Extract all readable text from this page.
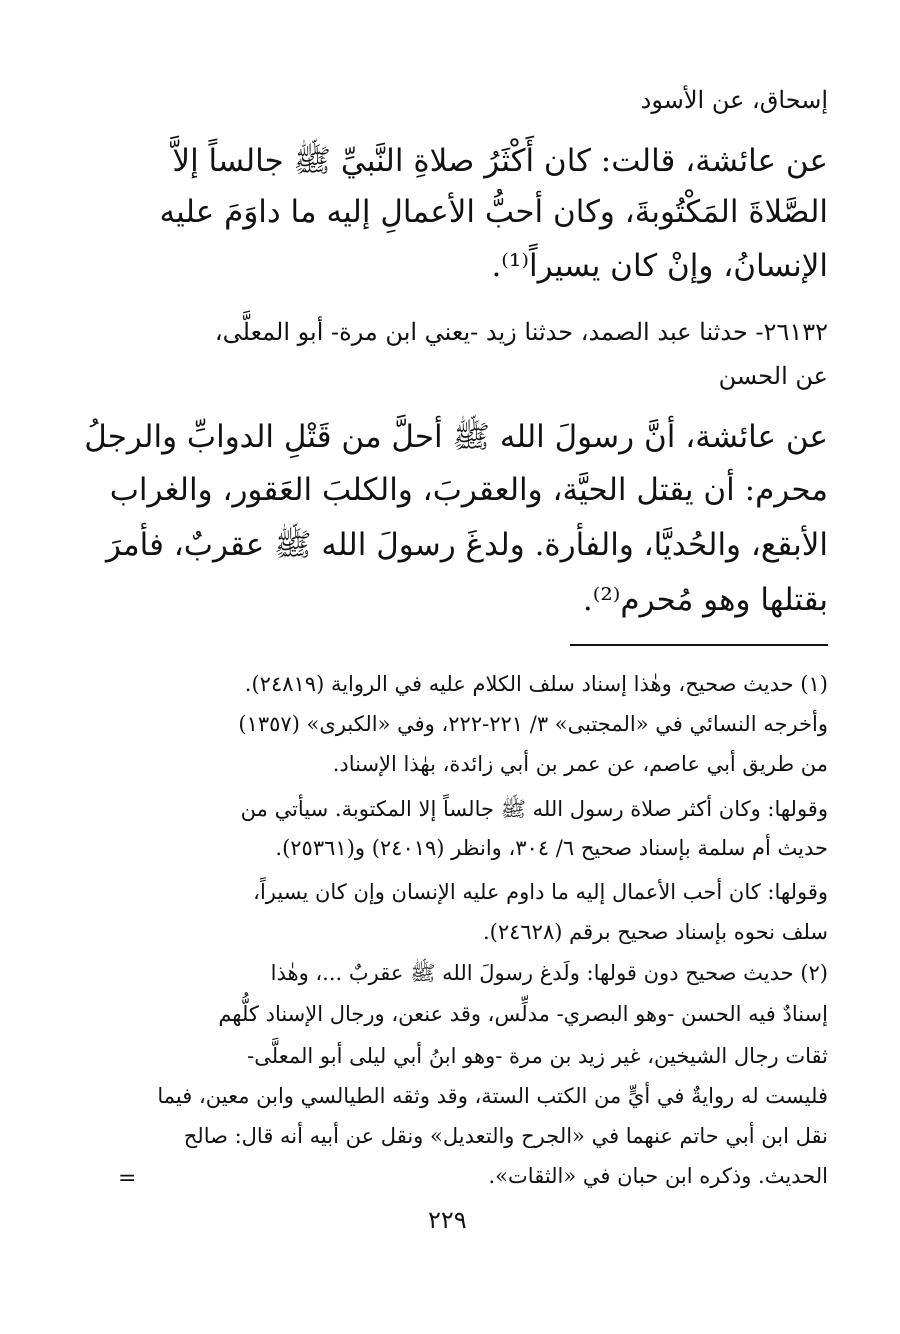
إسحاق، عن الأسود
عن عائشة، قالت: كان أَكْثَرُ صلاةِ النَّبيِّ ﷺ جالساً إلاَّ
الصَّلاةَ المَكْتُوبةَ، وكان أحبُّ الأعمالِ إليه ما داوَمَ عليه
الإنسانُ، وإنْ كان يسيراً⁽¹⁾.
٢٦١٣٢- حدثنا عبد الصمد، حدثنا زيد -يعني ابن مرة- أبو المعلَّى،
عن الحسن
عن عائشة، أنَّ رسولَ الله ﷺ أحلَّ من قَتْلِ الدوابِّ والرجلُ
محرم: أن يقتل الحيَّة، والعقربَ، والكلبَ العَقور، والغراب
الأبقع، والحُديَّا، والفأرة. ولدغَ رسولَ الله ﷺ عقربٌ، فأمرَ
بقتلها وهو مُحرم⁽²⁾.
(١) حديث صحيح، وهٰذا إسناد سلف الكلام عليه في الرواية (٢٤٨١٩).
وأخرجه النسائي في «المجتبى» ٣/ ٢٢١-٢٢٢، وفي «الكبرى» (١٣٥٧)
من طريق أبي عاصم، عن عمر بن أبي زائدة، بهٰذا الإسناد.
وقولها: وكان أكثر صلاة رسول الله ﷺ جالساً إلا المكتوبة. سيأتي من
حديث أم سلمة بإسناد صحيح ٦/ ٣٠٤، وانظر (٢٤٠١٩) و(٢٥٣٦١).
وقولها: كان أحب الأعمال إليه ما داوم عليه الإنسان وإن كان يسيراً،
سلف نحوه بإسناد صحيح برقم (٢٤٦٢٨).
(٢) حديث صحيح دون قولها: ولَدغ رسولَ الله ﷺ عقربٌ ...، وهٰذا
إسنادٌ فيه الحسن -وهو البصري- مدلِّس، وقد عنعن، ورجال الإسناد كلُّهم
ثقات رجال الشيخين، غير زيد بن مرة -وهو ابنُ أبي ليلى أبو المعلَّى-
فليست له روايةٌ في أيٍّ من الكتب الستة، وقد وثقه الطيالسي وابن معين، فيما
نقل ابن أبي حاتم عنهما في «الجرح والتعديل» ونقل عن أبيه أنه قال: صالح
الحديث. وذكره ابن حبان في «الثقات».
=
٢٢٩
